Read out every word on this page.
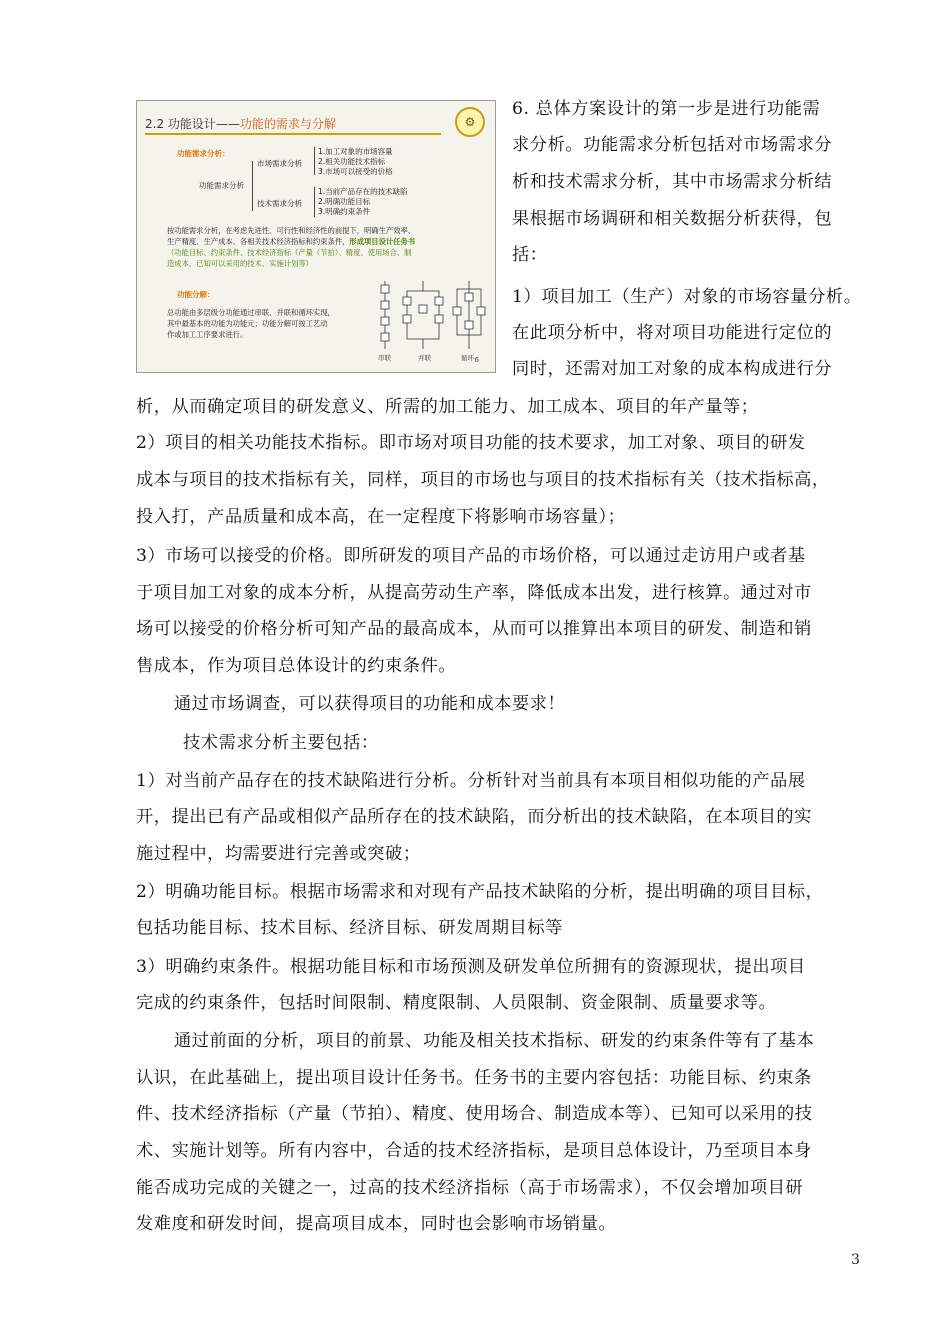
2.2 功能设计——功能的需求与分解	⚙
功能需求分析：
功能需求分析
市场需求分析
技术需求分析
1.加工对象的市场容量
2.相关功能技术指标
3.市场可以接受的价格
1.当前产品存在的技术缺陷
2.明确功能目标
3.明确约束条件
按功能需求分析，在考虑先进性、可行性和经济性的前提下，明确生产效率、
生产精度、生产成本、各相关技术经济指标和约束条件，形成项目设计任务书
（功能目标、约束条件、技术经济指标（产量（节拍）、精度、使用场合、制
造成本、已知可以采用的技术、实施计划等）
功能分解：
总功能由多层级分功能通过串联、并联和循环实现，
其中最基本的功能为功能元；功能分解可按工艺动
作或加工工序要求进行。
串联	并联	循环 6
6. 总体方案设计的第一步是进行功能需
求分析。功能需求分析包括对市场需求分
析和技术需求分析，其中市场需求分析结
果根据市场调研和相关数据分析获得，包
括：
1）项目加工（生产）对象的市场容量分析。
在此项分析中，将对项目功能进行定位的
同时，还需对加工对象的成本构成进行分
析，从而确定项目的研发意义、所需的加工能力、加工成本、项目的年产量等；
2）项目的相关功能技术指标。即市场对项目功能的技术要求，加工对象、项目的研发
成本与项目的技术指标有关，同样，项目的市场也与项目的技术指标有关（技术指标高，
投入打，产品质量和成本高，在一定程度下将影响市场容量）；
3）市场可以接受的价格。即所研发的项目产品的市场价格，可以通过走访用户或者基
于项目加工对象的成本分析，从提高劳动生产率，降低成本出发，进行核算。通过对市
场可以接受的价格分析可知产品的最高成本，从而可以推算出本项目的研发、制造和销
售成本，作为项目总体设计的约束条件。
通过市场调查，可以获得项目的功能和成本要求！
技术需求分析主要包括：
1）对当前产品存在的技术缺陷进行分析。分析针对当前具有本项目相似功能的产品展
开，提出已有产品或相似产品所存在的技术缺陷，而分析出的技术缺陷，在本项目的实
施过程中，均需要进行完善或突破；
2）明确功能目标。根据市场需求和对现有产品技术缺陷的分析，提出明确的项目目标，
包括功能目标、技术目标、经济目标、研发周期目标等
3）明确约束条件。根据功能目标和市场预测及研发单位所拥有的资源现状，提出项目
完成的约束条件，包括时间限制、精度限制、人员限制、资金限制、质量要求等。
通过前面的分析，项目的前景、功能及相关技术指标、研发的约束条件等有了基本
认识，在此基础上，提出项目设计任务书。任务书的主要内容包括：功能目标、约束条
件、技术经济指标（产量（节拍）、精度、使用场合、制造成本等）、已知可以采用的技
术、实施计划等。所有内容中，合适的技术经济指标，是项目总体设计，乃至项目本身
能否成功完成的关键之一，过高的技术经济指标（高于市场需求），不仅会增加项目研
发难度和研发时间，提高项目成本，同时也会影响市场销量。
3
